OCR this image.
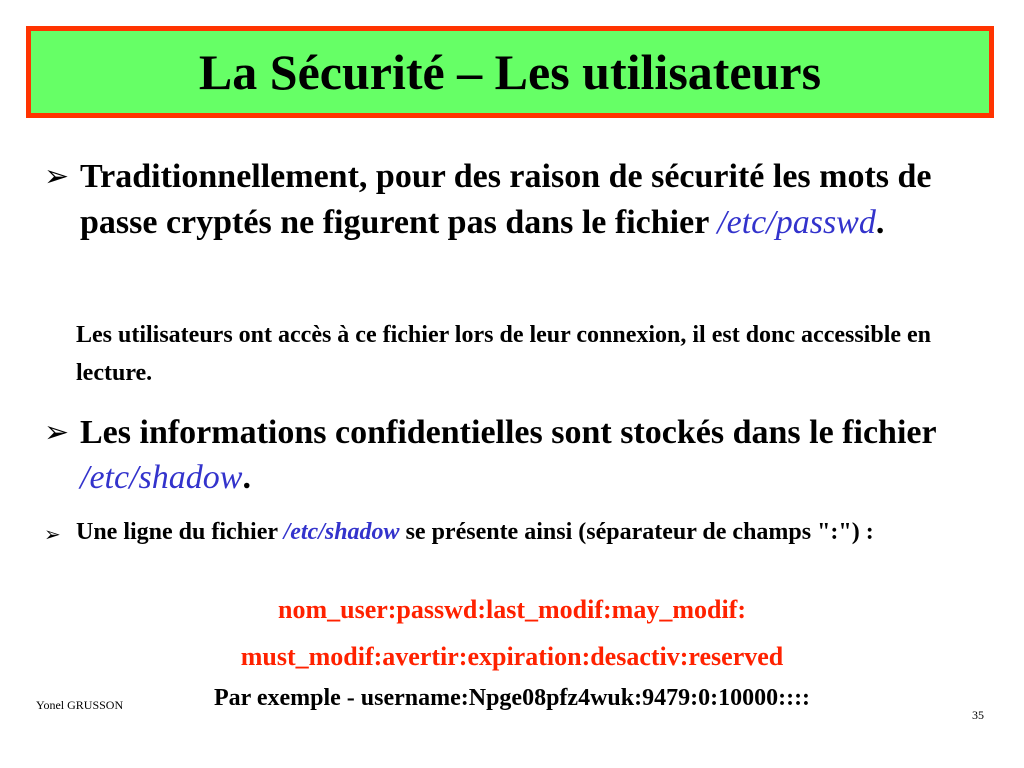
La Sécurité – Les utilisateurs
➢ Traditionnellement, pour des raison de sécurité les mots de passe cryptés ne figurent pas dans le fichier /etc/passwd.
Les utilisateurs ont accès à ce fichier lors de leur connexion, il est donc accessible en lecture.
➢ Les informations confidentielles sont stockés dans le fichier /etc/shadow.
➢ Une ligne du fichier /etc/shadow se présente ainsi (séparateur de champs ":") :
nom_user:passwd:last_modif:may_modif:
must_modif:avertir:expiration:desactiv:reserved
Par exemple - username:Npge08pfz4wuk:9479:0:10000::::
Yonel GRUSSON
35
